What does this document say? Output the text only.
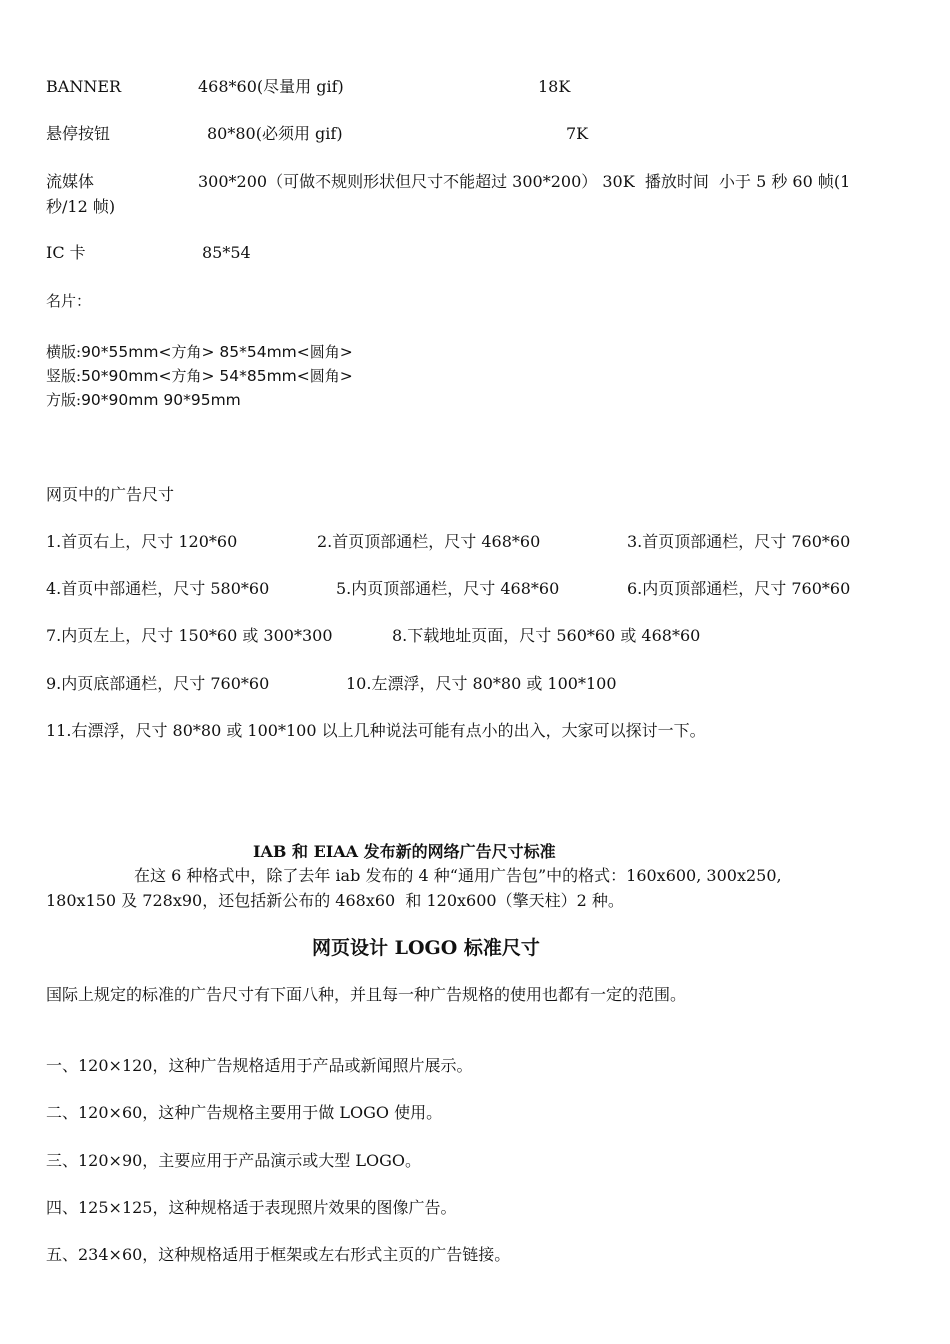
BANNER	468*60(尽量用 gif)	18K
悬停按钮	80*80(必须用 gif)	7K
流媒体	300*200（可做不规则形状但尺寸不能超过 300*200） 30K  播放时间  小于 5 秒 60 帧(1
秒/12 帧)
IC 卡	85*54
名片：
横版:90*55mm<方角> 85*54mm<圆角>
竖版:50*90mm<方角> 54*85mm<圆角>
方版:90*90mm 90*95mm
网页中的广告尺寸
1.首页右上，尺寸 120*60	2.首页顶部通栏，尺寸 468*60	3.首页顶部通栏，尺寸 760*60
4.首页中部通栏，尺寸 580*60	5.内页顶部通栏，尺寸 468*60	6.内页顶部通栏，尺寸 760*60
7.内页左上，尺寸 150*60 或 300*300	8.下载地址页面，尺寸 560*60 或 468*60
9.内页底部通栏，尺寸 760*60	10.左漂浮，尺寸 80*80 或 100*100
11.右漂浮，尺寸 80*80 或 100*100 以上几种说法可能有点小的出入，大家可以探讨一下。
IAB 和 EIAA 发布新的网络广告尺寸标准
在这 6 种格式中，除了去年 iab 发布的 4 种“通用广告包”中的格式：160x600, 300x250,
180x150 及 728x90，还包括新公布的 468x60  和 120x600（擎天柱）2 种。
网页设计 LOGO 标准尺寸
国际上规定的标准的广告尺寸有下面八种，并且每一种广告规格的使用也都有一定的范围。
一、120×120，这种广告规格适用于产品或新闻照片展示。
二、120×60，这种广告规格主要用于做 LOGO 使用。
三、120×90，主要应用于产品演示或大型 LOGO。
四、125×125，这种规格适于表现照片效果的图像广告。
五、234×60，这种规格适用于框架或左右形式主页的广告链接。
